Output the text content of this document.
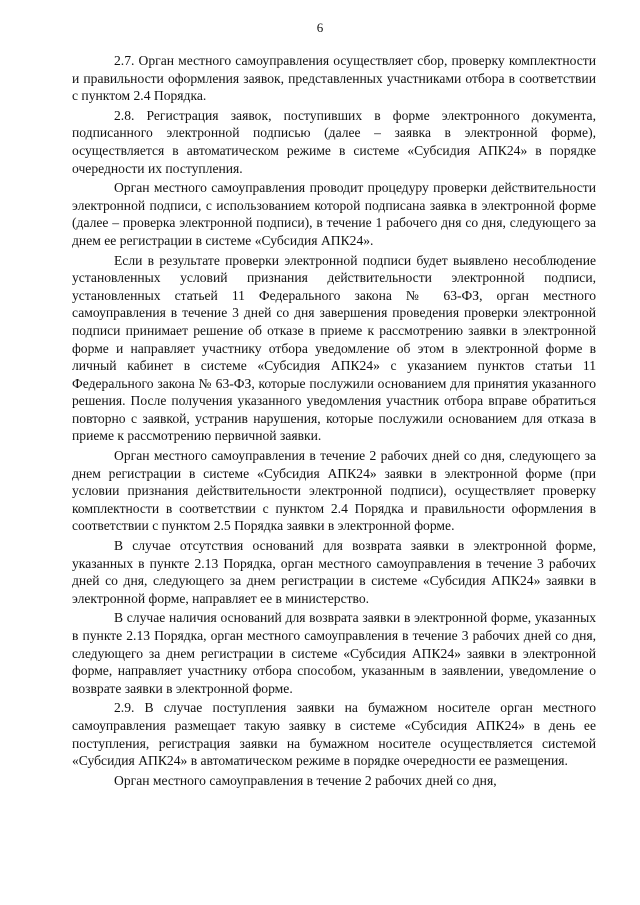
6

2.7. Орган местного самоуправления осуществляет сбор, проверку комплектности и правильности оформления заявок, представленных участниками отбора в соответствии с пунктом 2.4 Порядка.

2.8. Регистрация заявок, поступивших в форме электронного документа, подписанного электронной подписью (далее – заявка в электронной форме), осуществляется в автоматическом режиме в системе «Субсидия АПК24» в порядке очередности их поступления.

Орган местного самоуправления проводит процедуру проверки действительности электронной подписи, с использованием которой подписана заявка в электронной форме (далее – проверка электронной подписи), в течение 1 рабочего дня со дня, следующего за днем ее регистрации в системе «Субсидия АПК24».

Если в результате проверки электронной подписи будет выявлено несоблюдение установленных условий признания действительности электронной подписи, установленных статьей 11 Федерального закона № 63-ФЗ, орган местного самоуправления в течение 3 дней со дня завершения проведения проверки электронной подписи принимает решение об отказе в приеме к рассмотрению заявки в электронной форме и направляет участнику отбора уведомление об этом в электронной форме в личный кабинет в системе «Субсидия АПК24» с указанием пунктов статьи 11 Федерального закона № 63-ФЗ, которые послужили основанием для принятия указанного решения. После получения указанного уведомления участник отбора вправе обратиться повторно с заявкой, устранив нарушения, которые послужили основанием для отказа в приеме к рассмотрению первичной заявки.

Орган местного самоуправления в течение 2 рабочих дней со дня, следующего за днем регистрации в системе «Субсидия АПК24» заявки в электронной форме (при условии признания действительности электронной подписи), осуществляет проверку комплектности в соответствии с пунктом 2.4 Порядка и правильности оформления в соответствии с пунктом 2.5 Порядка заявки в электронной форме.

В случае отсутствия оснований для возврата заявки в электронной форме, указанных в пункте 2.13 Порядка, орган местного самоуправления в течение 3 рабочих дней со дня, следующего за днем регистрации в системе «Субсидия АПК24» заявки в электронной форме, направляет ее в министерство.

В случае наличия оснований для возврата заявки в электронной форме, указанных в пункте 2.13 Порядка, орган местного самоуправления в течение 3 рабочих дней со дня, следующего за днем регистрации в системе «Субсидия АПК24» заявки в электронной форме, направляет участнику отбора способом, указанным в заявлении, уведомление о возврате заявки в электронной форме.

2.9. В случае поступления заявки на бумажном носителе орган местного самоуправления размещает такую заявку в системе «Субсидия АПК24» в день ее поступления, регистрация заявки на бумажном носителе осуществляется системой «Субсидия АПК24» в автоматическом режиме в порядке очередности ее размещения.

Орган местного самоуправления в течение 2 рабочих дней со дня,
